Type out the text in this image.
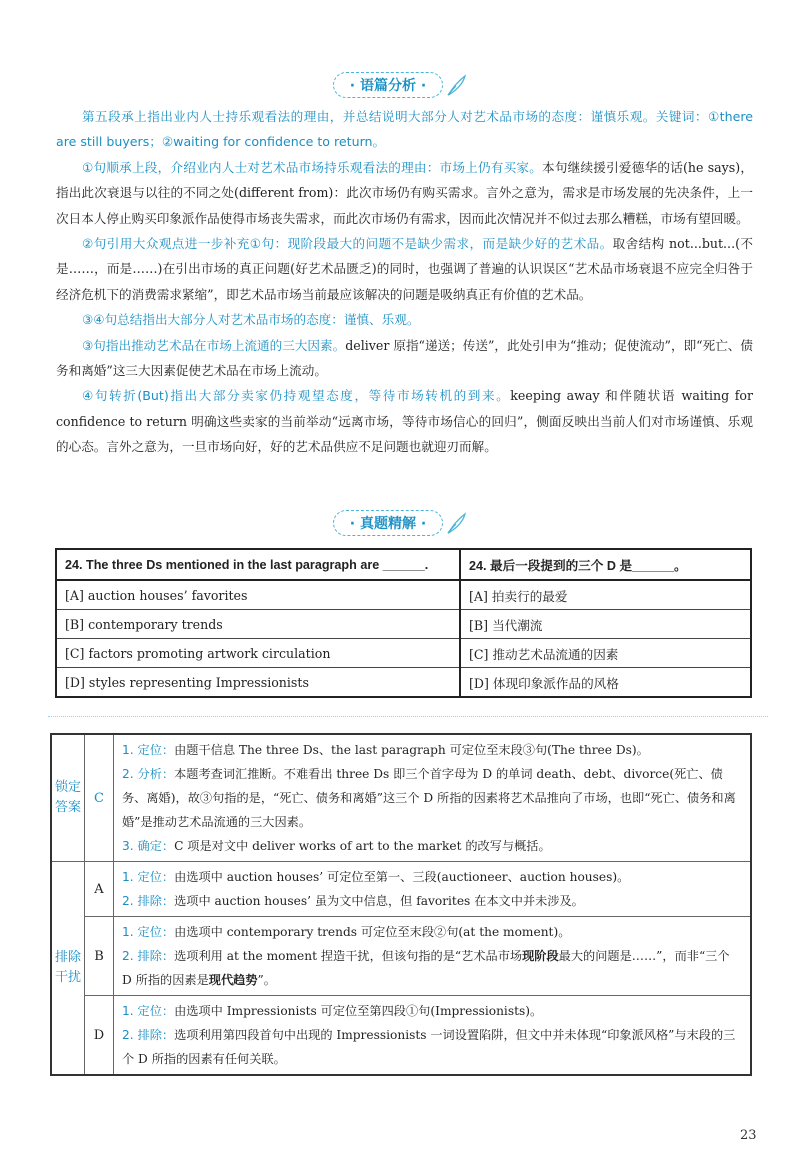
· 语篇分析 ·

第五段承上指出业内人士持乐观看法的理由，并总结说明大部分人对艺术品市场的态度：谨慎乐观。关键词：①there are still buyers；②waiting for confidence to return。

①句顺承上段，介绍业内人士对艺术品市场持乐观看法的理由：市场上仍有买家。本句继续援引爱德华的话(he says)，指出此次衰退与以往的不同之处(different from)：此次市场仍有购买需求。言外之意为，需求是市场发展的先决条件，上一次日本人停止购买印象派作品使得市场丧失需求，而此次市场仍有需求，因而此次情况并不似过去那么糟糕，市场有望回暖。

②句引用大众观点进一步补充①句：现阶段最大的问题不是缺少需求，而是缺少好的艺术品。取舍结构 not...but...(不是……，而是……)在引出市场的真正问题(好艺术品匮乏)的同时，也强调了普遍的认识误区“艺术品市场衰退不应完全归咎于经济危机下的消费需求紧缩”，即艺术品市场当前最应该解决的问题是吸纳真正有价值的艺术品。

③④句总结指出大部分人对艺术品市场的态度：谨慎、乐观。

③句指出推动艺术品在市场上流通的三大因素。deliver 原指“递送；传送”，此处引申为“推动；促使流动”，即“死亡、债务和离婚”这三大因素促使艺术品在市场上流动。

④句转折(But)指出大部分卖家仍持观望态度，等待市场转机的到来。keeping away 和伴随状语 waiting for confidence to return 明确这些卖家的当前举动“远离市场，等待市场信心的回归”，侧面反映出当前人们对市场谨慎、乐观的心态。言外之意为，一旦市场向好，好的艺术品供应不足问题也就迎刃而解。

· 真题精解 ·
24. The three Ds mentioned in the last paragraph are ______.	24. 最后一段提到的三个 D 是______。
[A] auction houses’ favorites	[A] 拍卖行的最爱
[B] contemporary trends	[B] 当代潮流
[C] factors promoting artwork circulation	[C] 推动艺术品流通的因素
[D] styles representing Impressionists	[D] 体现印象派作品的风格
锁定答案	C	1. 定位：由题干信息 The three Ds、the last paragraph 可定位至末段③句(The three Ds)。
2. 分析：本题考查词汇推断。不难看出 three Ds 即三个首字母为 D 的单词 death、debt、divorce(死亡、债务、离婚)，故③句指的是，“死亡、债务和离婚”这三个 D 所指的因素将艺术品推向了市场，也即“死亡、债务和离婚”是推动艺术品流通的三大因素。
3. 确定：C 项是对文中 deliver works of art to the market 的改写与概括。

排除干扰	A	1. 定位：由选项中 auction houses’ 可定位至第一、三段(auctioneer、auction houses)。
2. 排除：选项中 auction houses’ 虽为文中信息，但 favorites 在本文中并未涉及。

	B	1. 定位：由选项中 contemporary trends 可定位至末段②句(at the moment)。
2. 排除：选项利用 at the moment 捏造干扰，但该句指的是“艺术品市场现阶段最大的问题是……”，而非“三个 D 所指的因素是现代趋势”。

	D	1. 定位：由选项中 Impressionists 可定位至第四段①句(Impressionists)。
2. 排除：选项利用第四段首句中出现的 Impressionists 一词设置陷阱，但文中并未体现“印象派风格”与末段的三个 D 所指的因素有任何关联。
23
